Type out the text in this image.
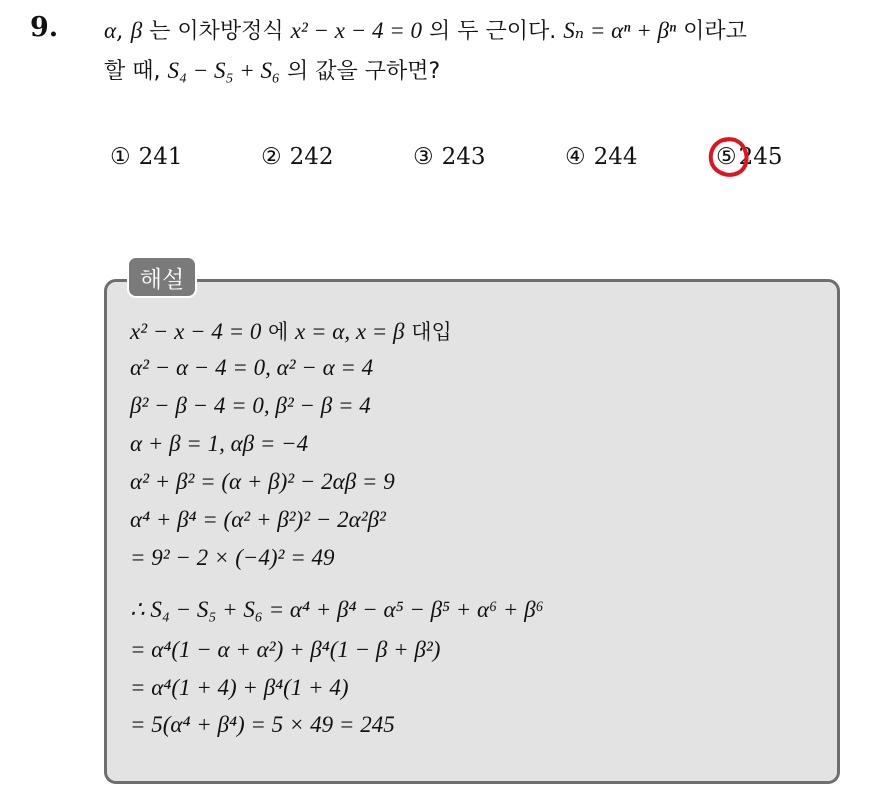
9. α, β 는 이차방정식 x² − x − 4 = 0 의 두 근이다. Sₙ = αⁿ + βⁿ 이라고
할 때, S₄ − S₅ + S₆ 의 값을 구하면?
① 241	② 242	③ 243	④ 244	⑤245
해설
x² − x − 4 = 0 에 x = α, x = β 대입
α² − α − 4 = 0, α² − α = 4
β² − β − 4 = 0, β² − β = 4
α + β = 1, αβ = −4
α² + β² = (α + β)² − 2αβ = 9
α⁴ + β⁴ = (α² + β²)² − 2α²β²
= 9² − 2 × (−4)² = 49
∴ S₄ − S₅ + S₆ = α⁴ + β⁴ − α⁵ − β⁵ + α⁶ + β⁶
= α⁴(1 − α + α²) + β⁴(1 − β + β²)
= α⁴(1 + 4) + β⁴(1 + 4)
= 5(α⁴ + β⁴) = 5 × 49 = 245
